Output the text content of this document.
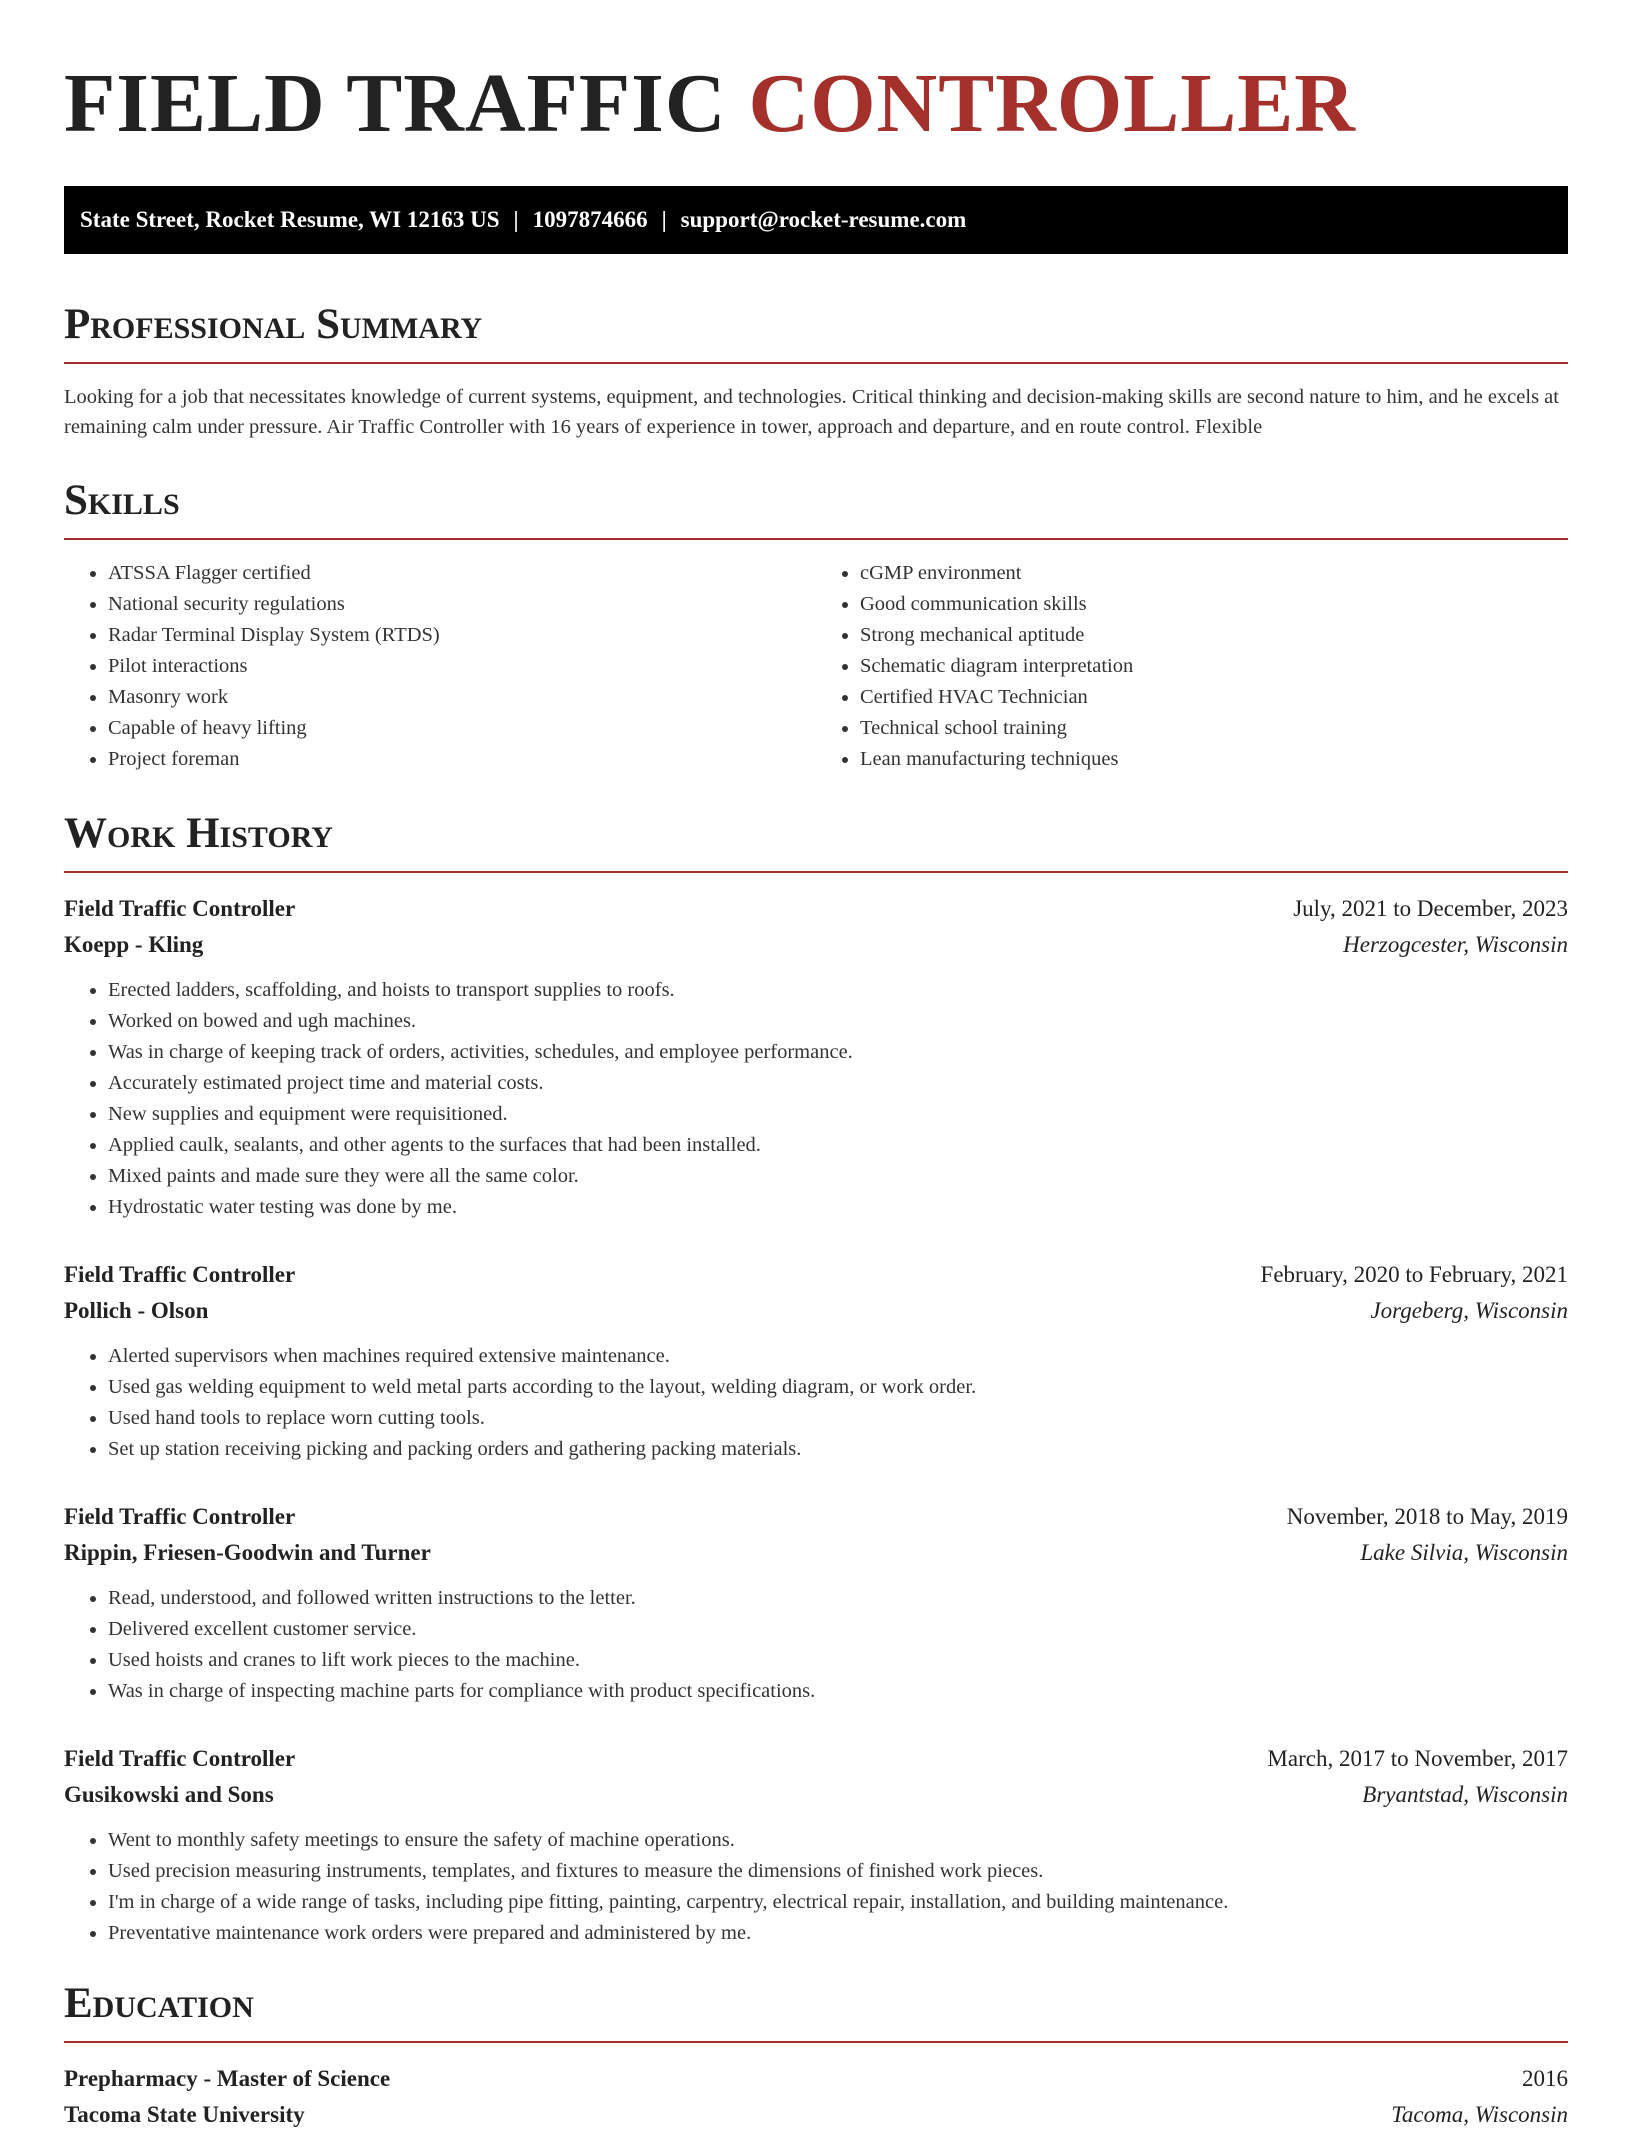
FIELD TRAFFIC CONTROLLER
State Street, Rocket Resume, WI 12163 US | 1097874666 | support@rocket-resume.com
Professional Summary

Looking for a job that necessitates knowledge of current systems, equipment, and technologies. Critical thinking and decision-making skills are second nature to him, and he excels at remaining calm under pressure. Air Traffic Controller with 16 years of experience in tower, approach and departure, and en route control. Flexible

Skills
• ATSSA Flagger certified
• National security regulations
• Radar Terminal Display System (RTDS)
• Pilot interactions
• Masonry work
• Capable of heavy lifting
• Project foreman
• cGMP environment
• Good communication skills
• Strong mechanical aptitude
• Schematic diagram interpretation
• Certified HVAC Technician
• Technical school training
• Lean manufacturing techniques
Work History
Field Traffic Controller	July, 2021 to December, 2023
Koepp - Kling	Herzogcester, Wisconsin
• Erected ladders, scaffolding, and hoists to transport supplies to roofs.
• Worked on bowed and ugh machines.
• Was in charge of keeping track of orders, activities, schedules, and employee performance.
• Accurately estimated project time and material costs.
• New supplies and equipment were requisitioned.
• Applied caulk, sealants, and other agents to the surfaces that had been installed.
• Mixed paints and made sure they were all the same color.
• Hydrostatic water testing was done by me.
Field Traffic Controller	February, 2020 to February, 2021
Pollich - Olson	Jorgeberg, Wisconsin
• Alerted supervisors when machines required extensive maintenance.
• Used gas welding equipment to weld metal parts according to the layout, welding diagram, or work order.
• Used hand tools to replace worn cutting tools.
• Set up station receiving picking and packing orders and gathering packing materials.
Field Traffic Controller	November, 2018 to May, 2019
Rippin, Friesen-Goodwin and Turner	Lake Silvia, Wisconsin
• Read, understood, and followed written instructions to the letter.
• Delivered excellent customer service.
• Used hoists and cranes to lift work pieces to the machine.
• Was in charge of inspecting machine parts for compliance with product specifications.
Field Traffic Controller	March, 2017 to November, 2017
Gusikowski and Sons	Bryantstad, Wisconsin
• Went to monthly safety meetings to ensure the safety of machine operations.
• Used precision measuring instruments, templates, and fixtures to measure the dimensions of finished work pieces.
• I'm in charge of a wide range of tasks, including pipe fitting, painting, carpentry, electrical repair, installation, and building maintenance.
• Preventative maintenance work orders were prepared and administered by me.
Education
Prepharmacy - Master of Science	2016
Tacoma State University	Tacoma, Wisconsin
